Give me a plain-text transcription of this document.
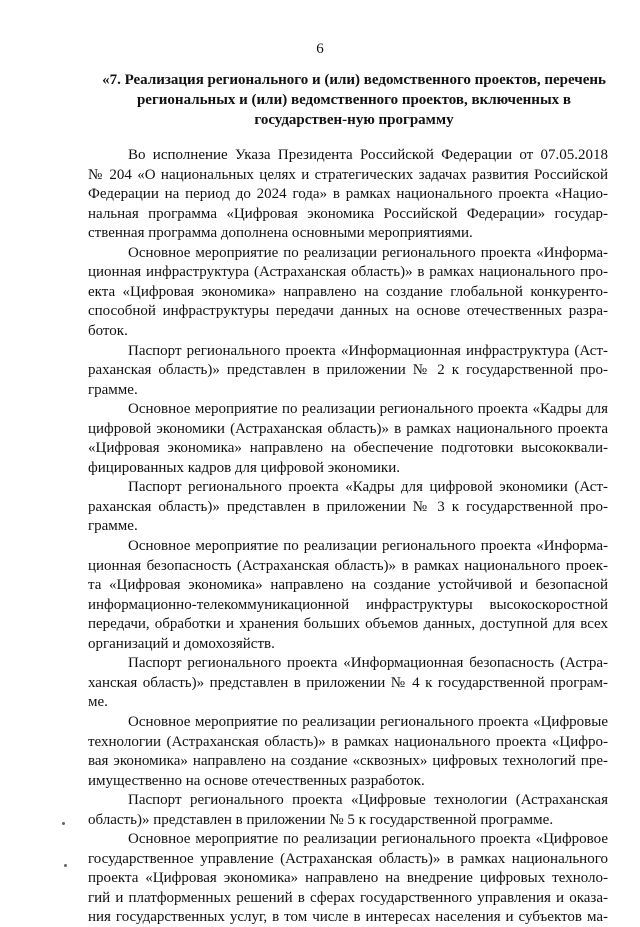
6
«7. Реализация регионального и (или) ведомственного проектов, перечень региональных и (или) ведомственного проектов, включенных в государствен-ную программу
Во исполнение Указа Президента Российской Федерации от 07.05.2018
№ 204 «О национальных целях и стратегических задачах развития Российской
Федерации на период до 2024 года» в рамках национального проекта «Нацио-
нальная программа «Цифровая экономика Российской Федерации» государ-
ственная программа дополнена основными мероприятиями.
Основное мероприятие по реализации регионального проекта «Информа-
ционная инфраструктура (Астраханская область)» в рамках национального про-
екта «Цифровая экономика» направлено на создание глобальной конкуренто-
способной инфраструктуры передачи данных на основе отечественных разра-
боток.
Паспорт регионального проекта «Информационная инфраструктура (Аст-
раханская область)» представлен в приложении № 2 к государственной про-
грамме.
Основное мероприятие по реализации регионального проекта «Кадры для
цифровой экономики (Астраханская область)» в рамках национального проекта
«Цифровая экономика» направлено на обеспечение подготовки высококвали-
фицированных кадров для цифровой экономики.
Паспорт регионального проекта «Кадры для цифровой экономики (Аст-
раханская область)» представлен в приложении № 3 к государственной про-
грамме.
Основное мероприятие по реализации регионального проекта «Информа-
ционная безопасность (Астраханская область)» в рамках национального проек-
та «Цифровая экономика» направлено на создание устойчивой и безопасной
информационно-телекоммуникационной инфраструктуры высокоскоростной
передачи, обработки и хранения больших объемов данных, доступной для всех
организаций и домохозяйств.
Паспорт регионального проекта «Информационная безопасность (Астра-
ханская область)» представлен в приложении № 4 к государственной програм-
ме.
Основное мероприятие по реализации регионального проекта «Цифровые
технологии (Астраханская область)» в рамках национального проекта «Цифро-
вая экономика» направлено на создание «сквозных» цифровых технологий пре-
имущественно на основе отечественных разработок.
Паспорт регионального проекта «Цифровые технологии (Астраханская
область)» представлен в приложении № 5 к государственной программе.
Основное мероприятие по реализации регионального проекта «Цифровое
государственное управление (Астраханская область)» в рамках национального
проекта «Цифровая экономика» направлено на внедрение цифровых техноло-
гий и платформенных решений в сферах государственного управления и оказа-
ния государственных услуг, в том числе в интересах населения и субъектов ма-
